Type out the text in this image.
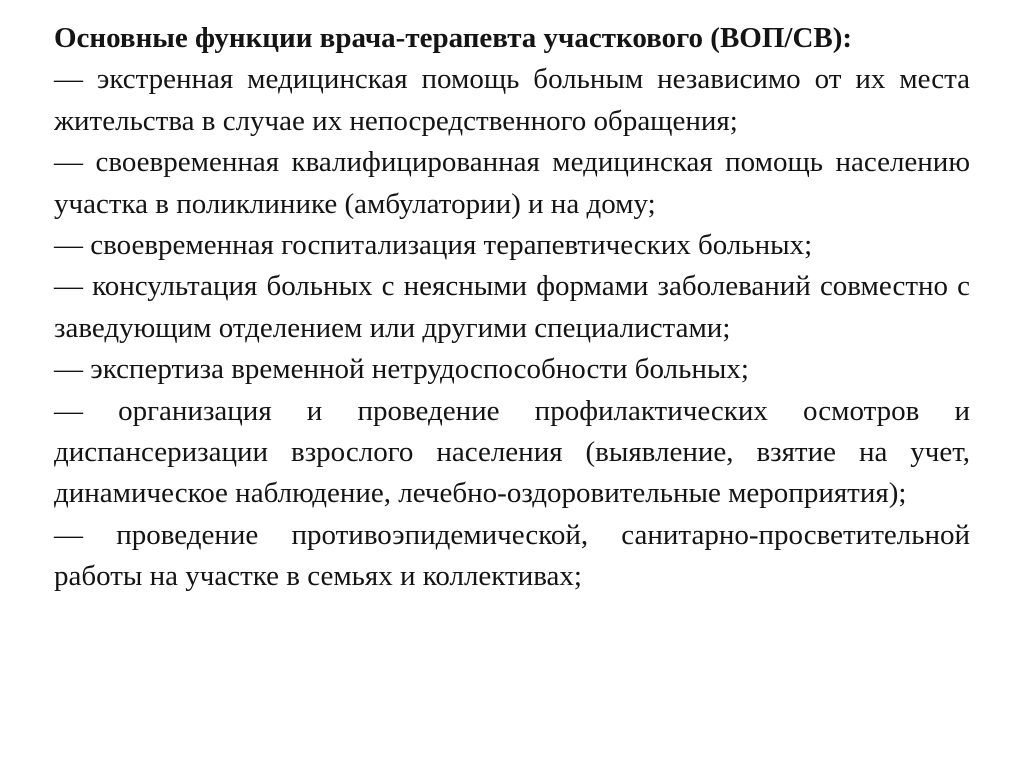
Основные функции врача-терапевта участкового (ВОП/СВ):

— экстренная медицинская помощь больным независимо от их места жительства в случае их непосредственного обращения;

— своевременная квалифицированная медицинская помощь населению участка в поликлинике (амбулатории) и на дому;

— своевременная госпитализация терапевтических больных;

— консультация больных с неясными формами заболеваний совместно с заведующим отделением или другими специалистами;

— экспертиза временной нетрудоспособности больных;

— организация и проведение профилактических осмотров и диспансеризации взрослого населения (выявление, взятие на учет, динамическое наблюдение, лечебно-оздоровительные мероприятия);

— проведение противоэпидемической, санитарно-просветительной работы на участке в семьях и коллективах;
